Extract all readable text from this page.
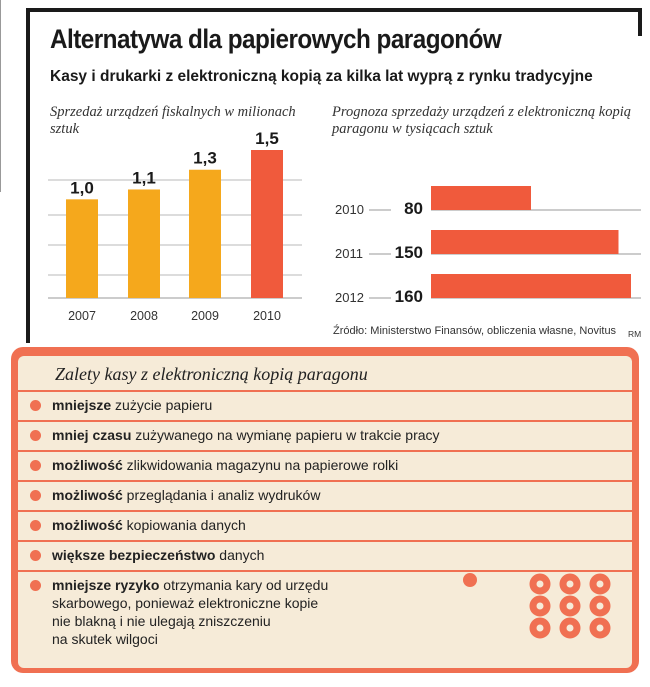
Alternatywa dla papierowych paragonów
Kasy i drukarki z elektroniczną kopią za kilka lat wyprą z rynku tradycyjne
Sprzedaż urządzeń fiskalnych w milionach sztuk
Prognoza sprzedaży urządzeń z elektroniczną kopią paragonu w tysiącach sztuk
1,0
2007
1,1
2008
1,3
2009
1,5
2010
2010 80
2011 150
2012 160
Źródło: Ministerstwo Finansów, obliczenia własne, Novitus RM
Zalety kasy z elektroniczną kopią paragonu
mniejsze zużycie papieru
mniej czasu zużywanego na wymianę papieru w trakcie pracy
możliwość zlikwidowania magazynu na papierowe rolki
możliwość przeglądania i analiz wydruków
możliwość kopiowania danych
większe bezpieczeństwo danych
mniejsze ryzyko otrzymania kary od urzędu
skarbowego, ponieważ elektroniczne kopie
nie blakną i nie ulegają zniszczeniu
na skutek wilgoci
